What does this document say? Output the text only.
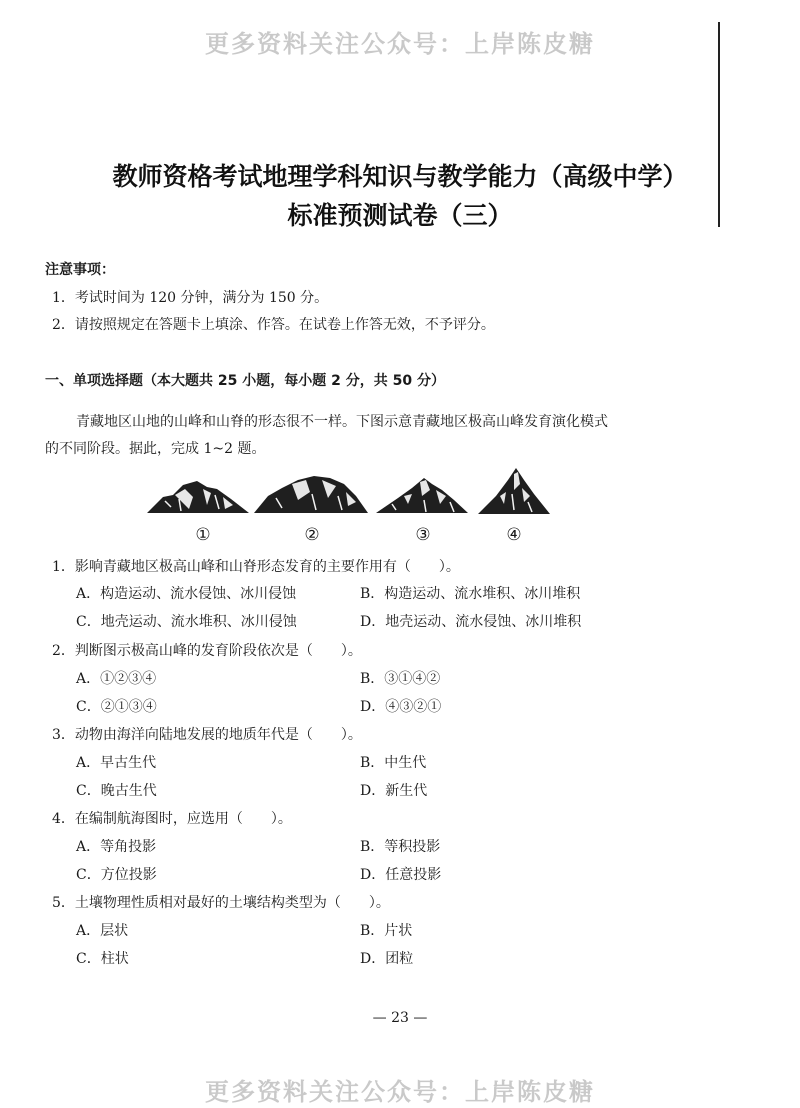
更多资料关注公众号：上岸陈皮糖
更多资料关注公众号：上岸陈皮糖
教师资格考试地理学科知识与教学能力（高级中学）
标准预测试卷（三）
注意事项：
1．考试时间为 120 分钟，满分为 150 分。
2．请按照规定在答题卡上填涂、作答。在试卷上作答无效，不予评分。
一、单项选择题（本大题共 25 小题，每小题 2 分，共 50 分）
青藏地区山地的山峰和山脊的形态很不一样。下图示意青藏地区极高山峰发育演化模式
的不同阶段。据此，完成 1~2 题。
①	②	③	④
1．影响青藏地区极高山峰和山脊形态发育的主要作用有（　　）。
A．构造运动、流水侵蚀、冰川侵蚀	B．构造运动、流水堆积、冰川堆积
C．地壳运动、流水堆积、冰川侵蚀	D．地壳运动、流水侵蚀、冰川堆积
2．判断图示极高山峰的发育阶段依次是（　　）。
A．①②③④	B．③①④②
C．②①③④	D．④③②①
3．动物由海洋向陆地发展的地质年代是（　　）。
A．早古生代	B．中生代
C．晚古生代	D．新生代
4．在编制航海图时，应选用（　　）。
A．等角投影	B．等积投影
C．方位投影	D．任意投影
5．土壤物理性质相对最好的土壤结构类型为（　　）。
A．层状	B．片状
C．柱状	D．团粒
— 23 —
